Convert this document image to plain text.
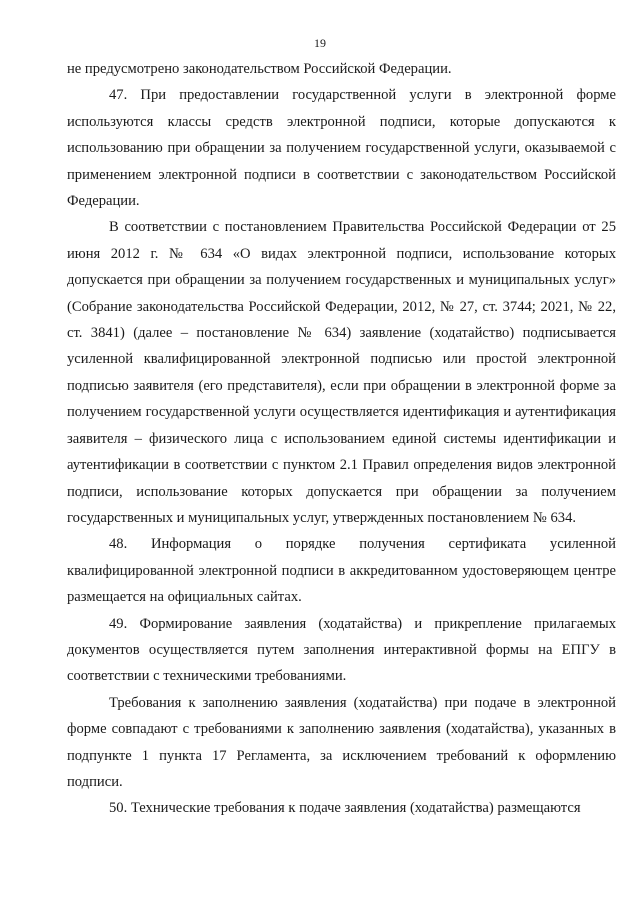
19

не предусмотрено законодательством Российской Федерации.

47. При предоставлении государственной услуги в электронной форме используются классы средств электронной подписи, которые допускаются к использованию при обращении за получением государственной услуги, оказываемой с применением электронной подписи в соответствии с законодательством Российской Федерации.

В соответствии с постановлением Правительства Российской Федерации от 25 июня 2012 г. № 634 «О видах электронной подписи, использование которых допускается при обращении за получением государственных и муниципальных услуг» (Собрание законодательства Российской Федерации, 2012, № 27, ст. 3744; 2021, № 22, ст. 3841) (далее – постановление № 634) заявление (ходатайство) подписывается усиленной квалифицированной электронной подписью или простой электронной подписью заявителя (его представителя), если при обращении в электронной форме за получением государственной услуги осуществляется идентификация и аутентификация заявителя – физического лица с использованием единой системы идентификации и аутентификации в соответствии с пунктом 2.1 Правил определения видов электронной подписи, использование которых допускается при обращении за получением государственных и муниципальных услуг, утвержденных постановлением № 634.

48. Информация о порядке получения сертификата усиленной квалифицированной электронной подписи в аккредитованном удостоверяющем центре размещается на официальных сайтах.

49. Формирование заявления (ходатайства) и прикрепление прилагаемых документов осуществляется путем заполнения интерактивной формы на ЕПГУ в соответствии с техническими требованиями.

Требования к заполнению заявления (ходатайства) при подаче в электронной форме совпадают с требованиями к заполнению заявления (ходатайства), указанных в подпункте 1 пункта 17 Регламента, за исключением требований к оформлению подписи.

50. Технические требования к подаче заявления (ходатайства) размещаются
